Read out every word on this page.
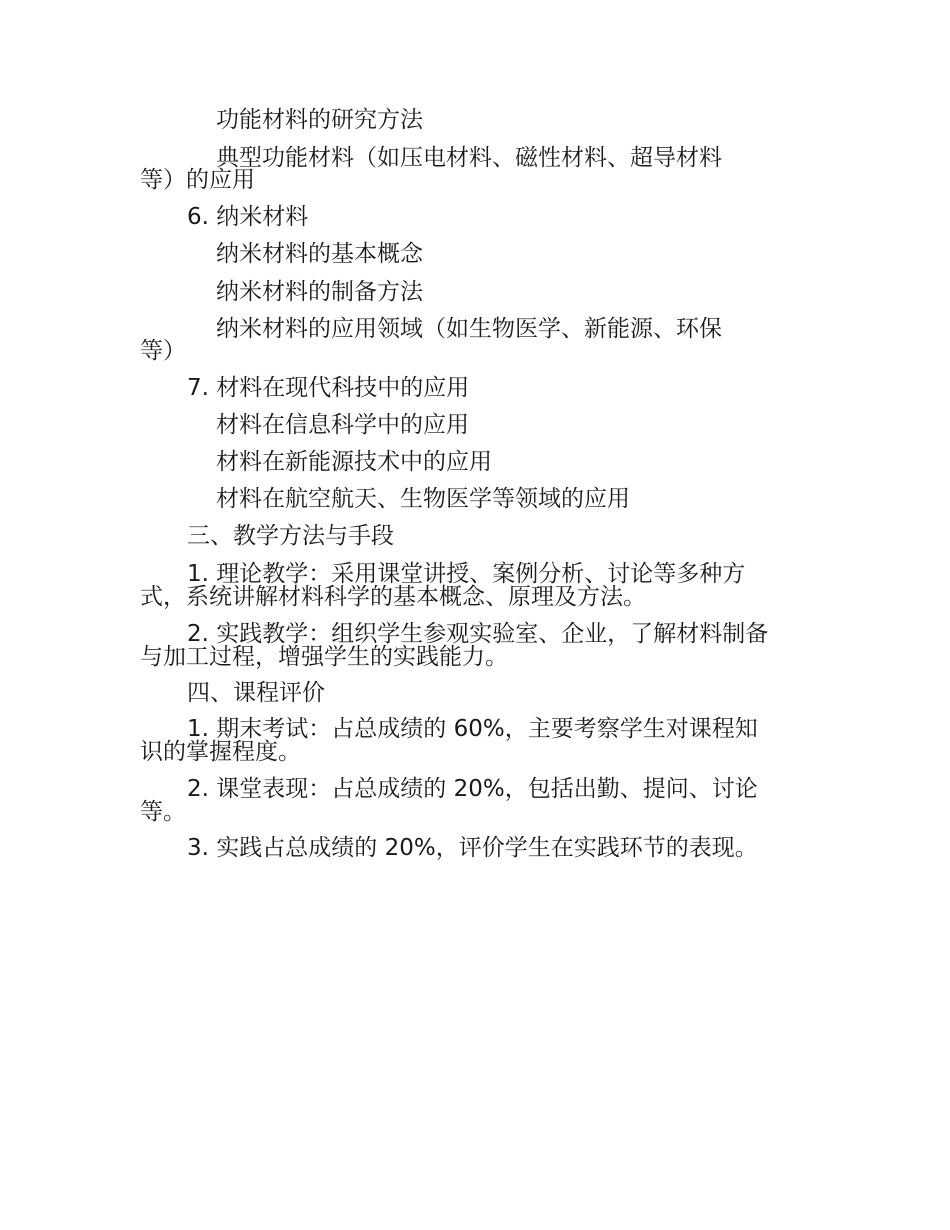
功能材料的研究方法
典型功能材料（如压电材料、磁性材料、超导材料
等）的应用
6. 纳米材料
纳米材料的基本概念
纳米材料的制备方法
纳米材料的应用领域（如生物医学、新能源、环保
等）
7. 材料在现代科技中的应用
材料在信息科学中的应用
材料在新能源技术中的应用
材料在航空航天、生物医学等领域的应用
三、教学方法与手段
1. 理论教学：采用课堂讲授、案例分析、讨论等多种方
式，系统讲解材料科学的基本概念、原理及方法。
2. 实践教学：组织学生参观实验室、企业，了解材料制备
与加工过程，增强学生的实践能力。
四、课程评价
1. 期末考试：占总成绩的 60%，主要考察学生对课程知
识的掌握程度。
2. 课堂表现：占总成绩的 20%，包括出勤、提问、讨论
等。
3. 实践占总成绩的 20%，评价学生在实践环节的表现。
